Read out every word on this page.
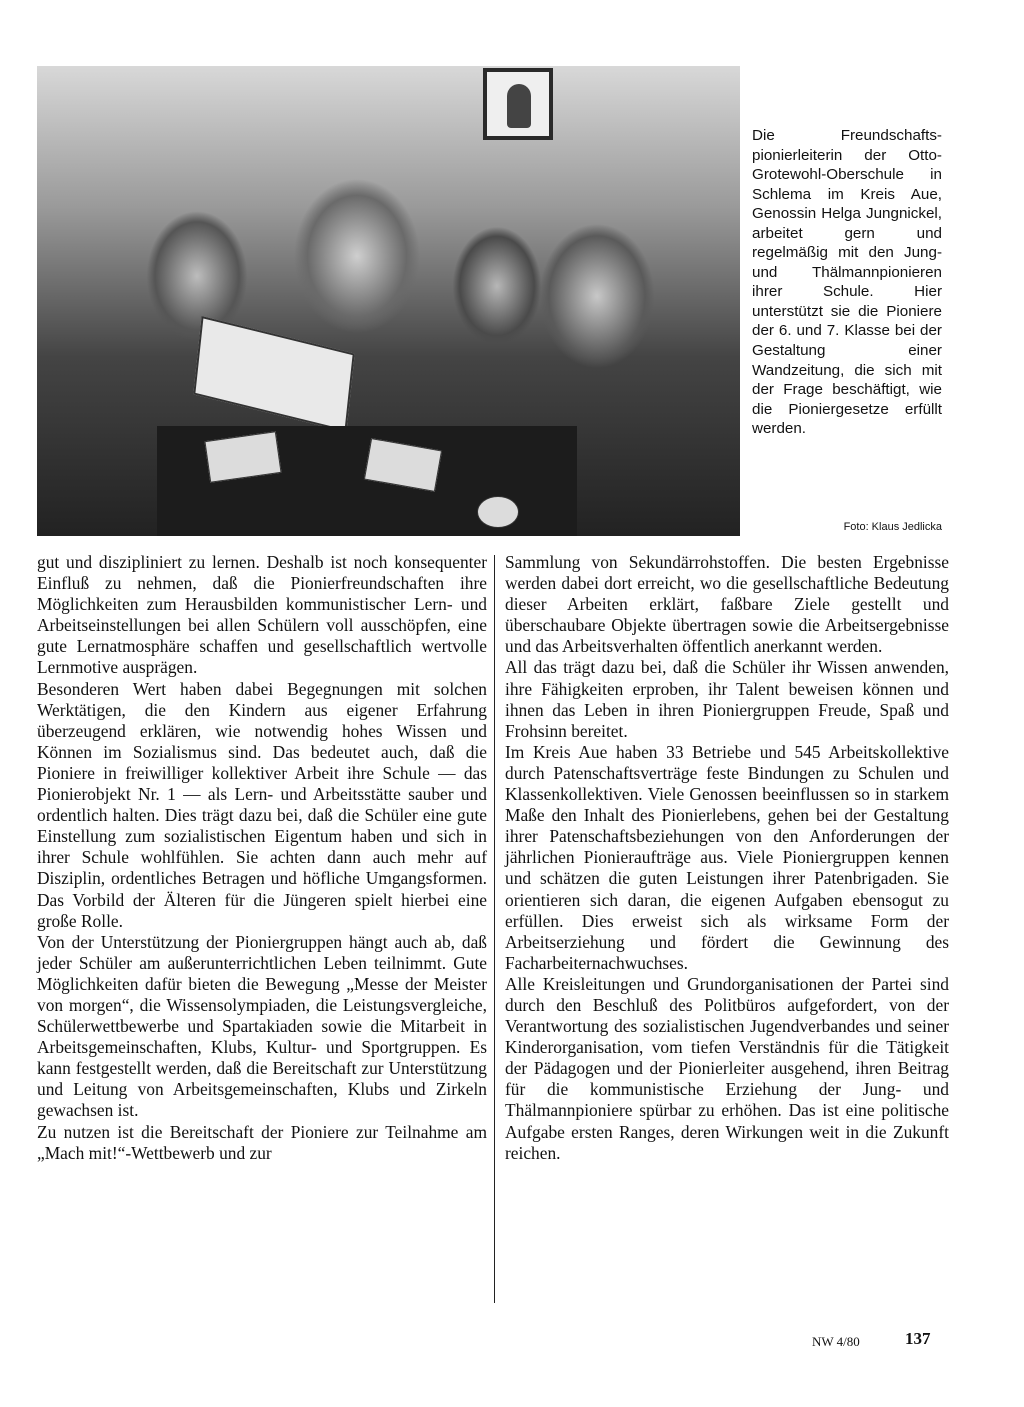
Die Freundschafts-pionierleiterin der Otto-Grotewohl-Oberschule in Schlema im Kreis Aue, Genossin Helga Jungnickel, arbeitet gern und regelmäßig mit den Jung- und Thälmannpionieren ihrer Schule. Hier unterstützt sie die Pioniere der 6. und 7. Klasse bei der Gestaltung einer Wandzeitung, die sich mit der Frage beschäftigt, wie die Pioniergesetze erfüllt werden.

Foto: Klaus Jedlicka

gut und diszipliniert zu lernen. Deshalb ist noch konsequenter Einfluß zu nehmen, daß die Pionierfreundschaften ihre Möglichkeiten zum Herausbilden kommunistischer Lern- und Arbeitseinstellungen bei allen Schülern voll ausschöpfen, eine gute Lernatmosphäre schaffen und gesellschaftlich wertvolle Lernmotive ausprägen.

Besonderen Wert haben dabei Begegnungen mit solchen Werktätigen, die den Kindern aus eigener Erfahrung überzeugend erklären, wie notwendig hohes Wissen und Können im Sozialismus sind. Das bedeutet auch, daß die Pioniere in freiwilliger kollektiver Arbeit ihre Schule — das Pionierobjekt Nr. 1 — als Lern- und Arbeitsstätte sauber und ordentlich halten. Dies trägt dazu bei, daß die Schüler eine gute Einstellung zum sozialistischen Eigentum haben und sich in ihrer Schule wohlfühlen. Sie achten dann auch mehr auf Disziplin, ordentliches Betragen und höfliche Umgangsformen. Das Vorbild der Älteren für die Jüngeren spielt hierbei eine große Rolle.

Von der Unterstützung der Pioniergruppen hängt auch ab, daß jeder Schüler am außerunterrichtlichen Leben teilnimmt. Gute Möglichkeiten dafür bieten die Bewegung „Messe der Meister von morgen“, die Wissensolympiaden, die Leistungsvergleiche, Schülerwettbewerbe und Spartakiaden sowie die Mitarbeit in Arbeitsgemeinschaften, Klubs, Kultur- und Sportgruppen. Es kann festgestellt werden, daß die Bereitschaft zur Unterstützung und Leitung von Arbeitsgemeinschaften, Klubs und Zirkeln gewachsen ist.

Zu nutzen ist die Bereitschaft der Pioniere zur Teilnahme am „Mach mit!“-Wettbewerb und zur

Sammlung von Sekundärrohstoffen. Die besten Ergebnisse werden dabei dort erreicht, wo die gesellschaftliche Bedeutung dieser Arbeiten erklärt, faßbare Ziele gestellt und überschaubare Objekte übertragen sowie die Arbeitsergebnisse und das Arbeitsverhalten öffentlich anerkannt werden.

All das trägt dazu bei, daß die Schüler ihr Wissen anwenden, ihre Fähigkeiten erproben, ihr Talent beweisen können und ihnen das Leben in ihren Pioniergruppen Freude, Spaß und Frohsinn bereitet.

Im Kreis Aue haben 33 Betriebe und 545 Arbeitskollektive durch Patenschaftsverträge feste Bindungen zu Schulen und Klassenkollektiven. Viele Genossen beeinflussen so in starkem Maße den Inhalt des Pionierlebens, gehen bei der Gestaltung ihrer Patenschaftsbeziehungen von den Anforderungen der jährlichen Pionieraufträge aus. Viele Pioniergruppen kennen und schätzen die guten Leistungen ihrer Patenbrigaden. Sie orientieren sich daran, die eigenen Aufgaben ebensogut zu erfüllen. Dies erweist sich als wirksame Form der Arbeitserziehung und fördert die Gewinnung des Facharbeiternachwuchses.

Alle Kreisleitungen und Grundorganisationen der Partei sind durch den Beschluß des Politbüros aufgefordert, von der Verantwortung des sozialistischen Jugendverbandes und seiner Kinderorganisation, vom tiefen Verständnis für die Tätigkeit der Pädagogen und der Pionierleiter ausgehend, ihren Beitrag für die kommunistische Erziehung der Jung- und Thälmannpioniere spürbar zu erhöhen. Das ist eine politische Aufgabe ersten Ranges, deren Wirkungen weit in die Zukunft reichen.

NW 4/80	137
